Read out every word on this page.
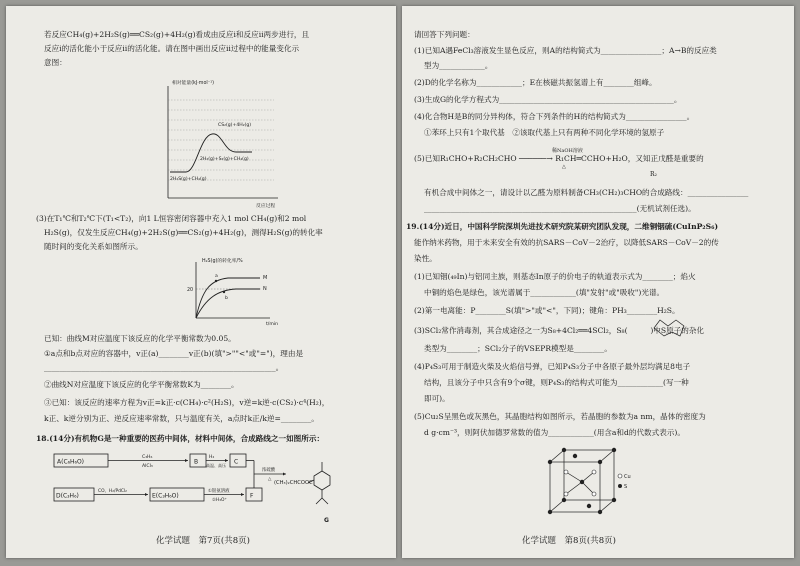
若反应CH₄(g)+2H₂S(g)══CS₂(g)+4H₂(g)看成由反应ⅰ和反应ⅱ两步进行，且
反应ⅰ的活化能小于反应ⅱ的活化能。请在图中画出反应ⅱ过程中的能量变化示
意图：
相对能量(kJ·mol⁻¹)
CS₂(g)+4H₂(g)
2H₂(g)+S₂(g)+CH₄(g)
2H₂S(g)+CH₄(g)
反应过程
(3)在T₁℃和T₂℃下(T₁<T₂)，向1 L恒容密闭容器中充入1 mol CH₄(g)和2 mol
H₂S(g)，仅发生反应CH₄(g)+2H₂S(g)══CS₂(g)+4H₂(g)，测得H₂S(g)的转化率
随时间的变化关系如图所示。
H₂S(g)的转化率/%
20
M
N
a
b
t/min
已知：曲线M对应温度下该反应的化学平衡常数为0.05。
①a点和b点对应的容器中，v正(a)________v正(b)(填">""<"或"=")，理由是
_____________________________________________________________。
②曲线N对应温度下该反应的化学平衡常数K为________。
③已知：该反应的速率方程为v正=k正·c(CH₄)·c²(H₂S)，v逆=k逆·c(CS₂)·c⁴(H₂)，
k正、k逆分别为正、逆反应速率常数，只与温度有关，a点时k正/k逆=________。
18.(14分)有机物G是一种重要的医药中间体，材料中间体，合成路线之一如图所示：
A(C₆H₆O)	B	C
D(C₃H₆)	E(C₃H₆O)	F
G
C₃H₆
AlCl₃
H₂
高温、高压
CO、H₂/PdCl₂	①银氨溶液
②H₃O⁺
浓硫酸
△
(CH₃)₂CHCOOC
化学试题　第7页(共8页)
请回答下列问题：
(1)已知A遇FeCl₃溶液发生显色反应，则A的结构简式为________________；A→B的反应类
型为____________。
(2)D的化学名称为____________；E在核磁共振氢谱上有________组峰。
(3)生成G的化学方程式为______________________________________________。
(4)化合物H是B的同分异构体，符合下列条件的H的结构简式为________________。
①苯环上只有1个取代基　②该取代基上只有两种不同化学环境的氢原子
(5)已知R₁CHO+R₂CH₂CHO ──────→ R₁CH═CCHO+H₂O，又知正戊醛是重要的
稀NaOH溶液
△
R₂
有机合成中间体之一，请设计以乙醛为原料制备CH₃(CH₂)₃CHO的合成路线：________________
________________________________________________________(无机试剂任选)。
19.(14分)近日，中国科学院深圳先进技术研究院某研究团队发现，二维铜铟硫(CuInP₂S₆)
能作纳米药物，用于未来安全有效的抗SARS－CoV－2治疗，以降低SARS－CoV－2的传
染性。
(1)已知铟(₄₉In)与铝同主族，则基态In原子的价电子的轨道表示式为________；焰火
中铜的焰色是绿色，该光谱属于____________(填"发射"或"吸收")光谱。
(2)第一电离能：P________S(填">"或"<"，下同)；键角：PH₃________H₂S。
(3)SCl₂常作消毒剂，其合成途径之一为S₈+4Cl₂══4SCl₂，S₈(　　　)中S原子的杂化
类型为________；SCl₂分子的VSEPR模型是________。
(4)P₄S₃可用于制造火柴及火焰信号弹，已知P₄S₃分子中各原子最外层均满足8电子
结构，且该分子中只含有9个σ键，则P₄S₃的结构式可能为____________(写一种
即可)。
(5)Cu₂S呈黑色或灰黑色，其晶胞结构如图所示，若晶胞的参数为a nm，晶体的密度为
d g·cm⁻³，则阿伏加德罗常数的值为____________(用含a和d的代数式表示)。
Cu
S
化学试题　第8页(共8页)
